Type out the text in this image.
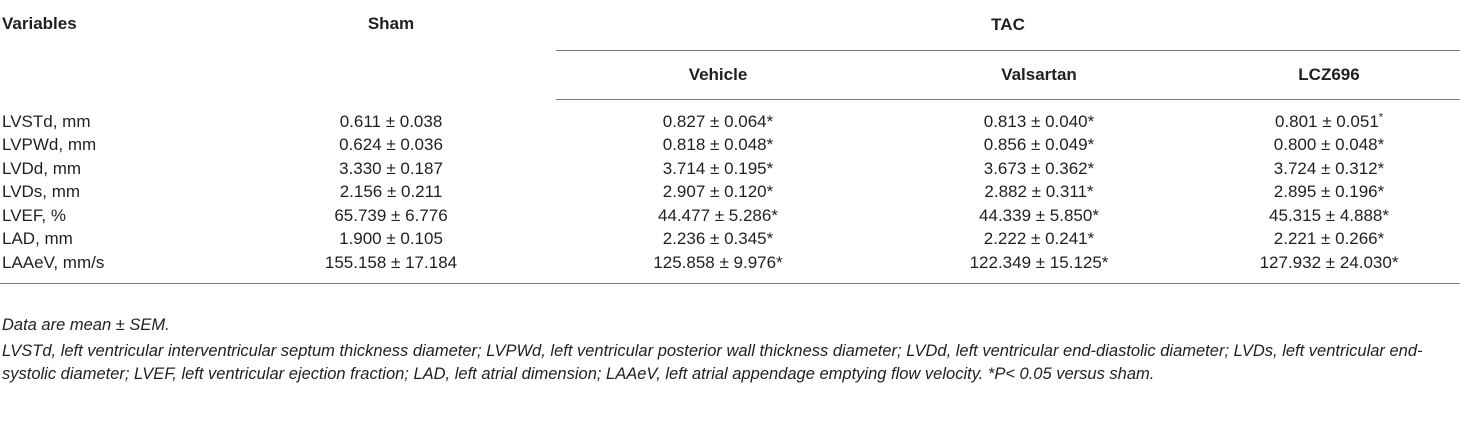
Variables	Sham	TAC		
		Vehicle	Valsartan	LCZ696
LVSTd, mm	0.611 ± 0.038	0.827 ± 0.064*	0.813 ± 0.040*	0.801 ± 0.051*
LVPWd, mm	0.624 ± 0.036	0.818 ± 0.048*	0.856 ± 0.049*	0.800 ± 0.048*
LVDd, mm	3.330 ± 0.187	3.714 ± 0.195*	3.673 ± 0.362*	3.724 ± 0.312*
LVDs, mm	2.156 ± 0.211	2.907 ± 0.120*	2.882 ± 0.311*	2.895 ± 0.196*
LVEF, %	65.739 ± 6.776	44.477 ± 5.286*	44.339 ± 5.850*	45.315 ± 4.888*
LAD, mm	1.900 ± 0.105	2.236 ± 0.345*	2.222 ± 0.241*	2.221 ± 0.266*
LAAeV, mm/s	155.158 ± 17.184	125.858 ± 9.976*	122.349 ± 15.125*	127.932 ± 24.030*

Data are mean ± SEM.

LVSTd, left ventricular interventricular septum thickness diameter; LVPWd, left ventricular posterior wall thickness diameter; LVDd, left ventricular end-diastolic diameter; LVDs, left ventricular end-systolic diameter; LVEF, left ventricular ejection fraction; LAD, left atrial dimension; LAAeV, left atrial appendage emptying flow velocity. *P< 0.05 versus sham.
